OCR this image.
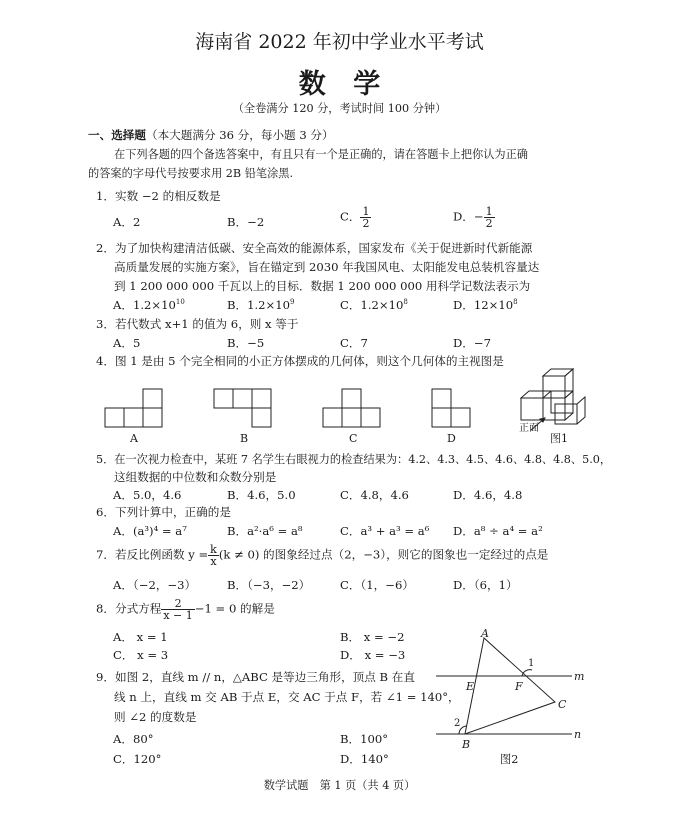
海南省 2022 年初中学业水平考试
数 学
（全卷满分 120 分，考试时间 100 分钟）
一、选择题（本大题满分 36 分，每小题 3 分）
在下列各题的四个备选答案中，有且只有一个是正确的，请在答题卡上把你认为正确
的答案的字母代号按要求用 2B 铅笔涂黑.
1．实数 −2 的相反数是
A．2	B．−2	C． $\frac{1}{2}$	D．− $\frac{1}{2}$
2．为了加快构建清洁低碳、安全高效的能源体系，国家发布《关于促进新时代新能源
高质量发展的实施方案》，旨在锚定到 2030 年我国风电、太阳能发电总装机容量达
到 1 200 000 000 千瓦以上的目标．数据 1 200 000 000 用科学记数法表示为
A．$1.2\times 10^{10}$	B．$1.2\times 10^9$	C．$1.2\times 10^8$	D．$12\times 10^8$
3．若代数式 x+1 的值为 6，则 x 等于
A．5	B．−5	C．7	D．−7
4．图 1 是由 5 个完全相同的小正方体摆成的几何体，则这个几何体的主视图是
A	B	C	D
正面
图1
5．在一次视力检查中，某班 7 名学生右眼视力的检查结果为：4.2、4.3、4.5、4.6、4.8、4.8、5.0，
这组数据的中位数和众数分别是
A．5.0，4.6	B．4.6，5.0	C．4.8，4.6	D．4.6，4.8
6．下列计算中，正确的是
A．(a³)⁴ = a⁷	B．a²·a⁶ = a⁸	C．a³ + a³ = a⁶ D．a⁸ ÷ a⁴ = a²
7．若反比例函数 $y = \frac{k}{x} (k \ne 0)$ 的图象经过点（2，−3），则它的图象也一定经过的点是
A．（−2，−3）	B．（−3，−2）	C．（1，−6）	D．（6，1）
8．分式方程 $\frac{2}{x - 1} -1 = 0$ 的解是
A． x = 1	B． x = −2
C． x = 3	D． x = −3
9．如图 2，直线 m // n，△ABC 是等边三角形，顶点 B 在直
线 n 上，直线 m 交 AB 于点 E，交 AC 于点 F，若 ∠1 = 140°，
则 ∠2 的度数是
A．80°	B．100°
C．120°	D．140°
A
B
C
E	F
m
n
1
2
图2
数学试题　第 1 页（共 4 页）
